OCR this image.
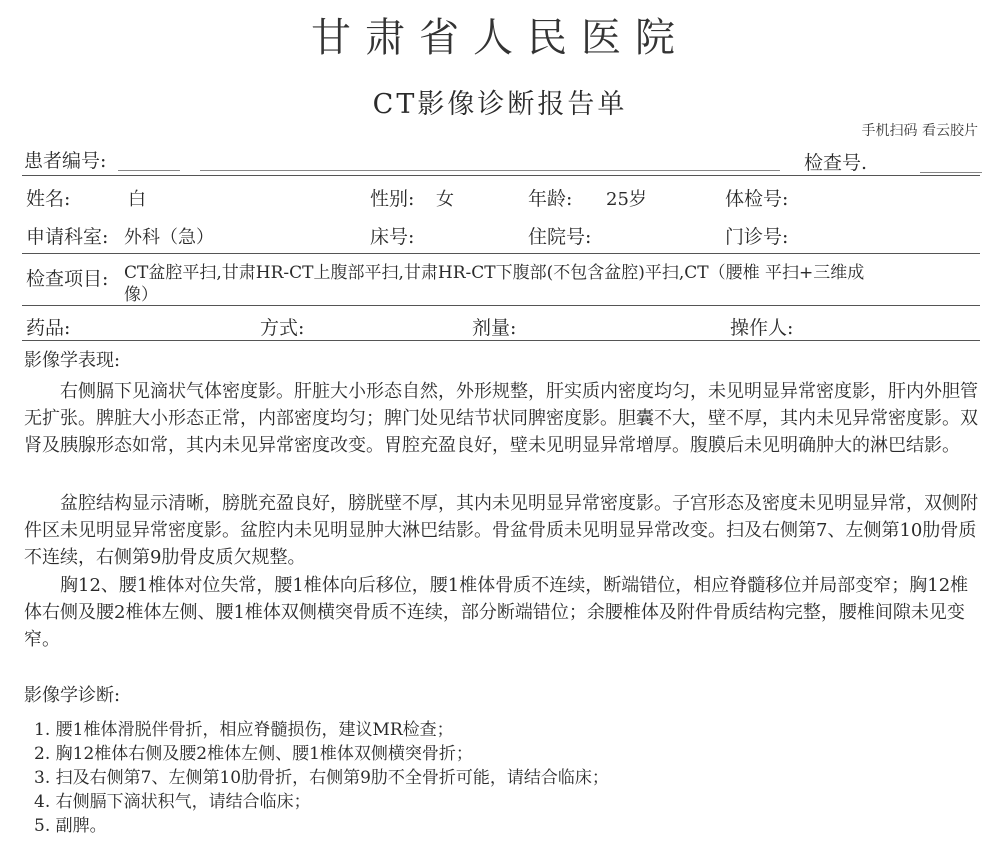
甘肃省人民医院
CT影像诊断报告单
手机扫码 看云胶片
患者编号:	检查号.
姓名:	白	性别: 女	年龄: 25岁	体检号:
申请科室: 外科（急）	床号:	住院号:	门诊号:
检查项目: CT盆腔平扫,甘肃HR-CT上腹部平扫,甘肃HR-CT下腹部(不包含盆腔)平扫,CT（腰椎 平扫+三维成
像）
药品:	方式:	剂量:	操作人:
影像学表现:
右侧膈下见滴状气体密度影。肝脏大小形态自然，外形规整，肝实质内密度均匀，未见明显异常密度影，肝内外胆管无扩张。脾脏大小形态正常，内部密度均匀；脾门处见结节状同脾密度影。胆囊不大，壁不厚，其内未见异常密度影。双肾及胰腺形态如常，其内未见异常密度改变。胃腔充盈良好，壁未见明显异常增厚。腹膜后未见明确肿大的淋巴结影。
盆腔结构显示清晰，膀胱充盈良好，膀胱壁不厚，其内未见明显异常密度影。子宫形态及密度未见明显异常，双侧附件区未见明显异常密度影。盆腔内未见明显肿大淋巴结影。骨盆骨质未见明显异常改变。扫及右侧第7、左侧第10肋骨质不连续，右侧第9肋骨皮质欠规整。
胸12、腰1椎体对位失常，腰1椎体向后移位，腰1椎体骨质不连续，断端错位，相应脊髓移位并局部变窄；胸12椎体右侧及腰2椎体左侧、腰1椎体双侧横突骨质不连续，部分断端错位；余腰椎体及附件骨质结构完整，腰椎间隙未见变窄。
影像学诊断:
1. 腰1椎体滑脱伴骨折，相应脊髓损伤，建议MR检查；
2. 胸12椎体右侧及腰2椎体左侧、腰1椎体双侧横突骨折；
3. 扫及右侧第7、左侧第10肋骨折，右侧第9肋不全骨折可能，请结合临床；
4. 右侧膈下滴状积气，请结合临床；
5. 副脾。
